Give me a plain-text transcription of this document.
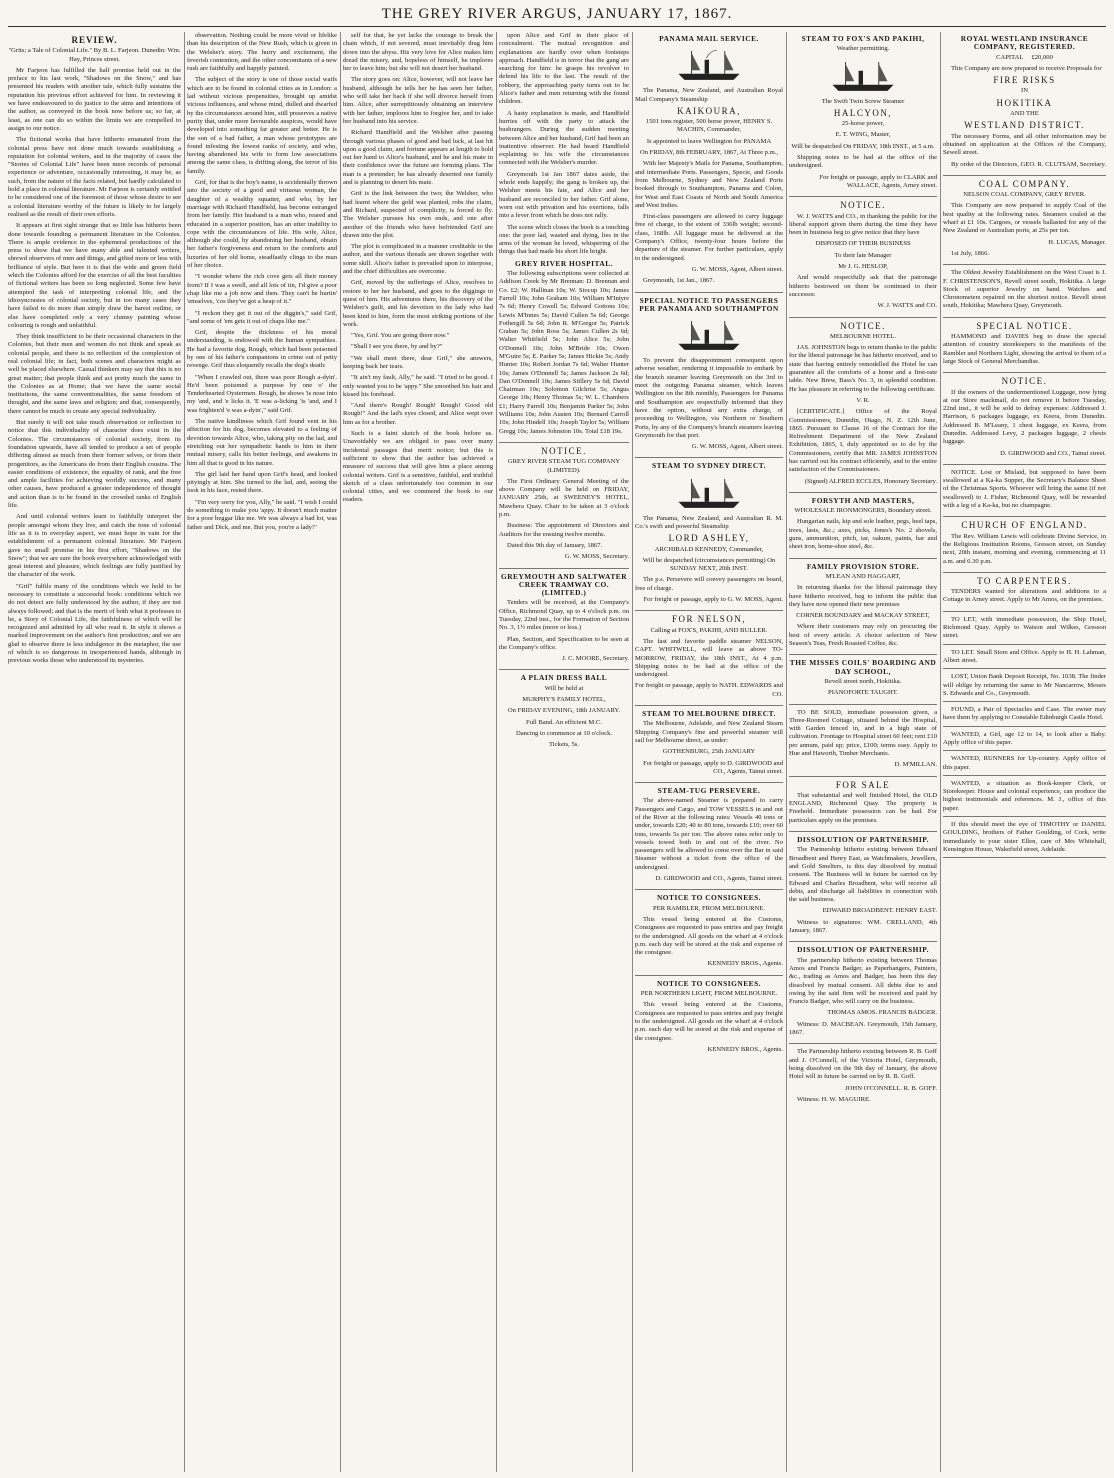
THE GREY RIVER ARGUS, JANUARY 17, 1867.
REVIEW.

"Grits; a Tale of Colonial Life." By B. L. Farjeon. Dunedin: Wm. Hay, Princes street.

Mr Farjeon has fulfilled the half promise held out in the preface to his last work, "Shadows on the Snow," and has presented his readers with another tale, which fully sustains the reputation his previous effort achieved for him. In reviewing it we have endeavoured to do justice to the aims and intentions of the author, as conveyed in the book now before us; so far, at least, as one can do so within the limits we are compelled to assign to our notice.

The fictional works that have hitherto emanated from the colonial press have not done much towards establishing a reputation for colonial writers, and in the majority of cases the "Stories of Colonial Life" have been mere records of personal experience or adventure, occasionally interesting, it may be, as such, from the nature of the facts related, but hardly calculated to hold a place in colonial literature. Mr Farjeon is certainly entitled to be considered one of the foremost of those whose desire to see a colonial literature worthy of the future is likely to be largely realised as the result of their own efforts.

It appears at first sight strange that so little has hitherto been done towards founding a permanent literature in the Colonies. There is ample evidence in the ephemeral productions of the press to show that we have many able and talented writers, shrewd observers of men and things, and gifted more or less with brilliance of style. But here it is that the wide and green field which the Colonies afford for the exercise of all the best faculties of fictional writers has been so long neglected. Some few have attempted the task of interpreting colonial life, and the idiosyncrasies of colonial society, but in too many cases they have failed to do more than simply draw the barest outline, or else have completed only a very clumsy painting whose colouring is rough and unfaithful.

They think insufficient to be their occasional characters in the Colonies, but their men and women do not think and speak as colonial people, and there is no reflection of the complexion of real colonial life; in fact, both scenes and characters might as well be placed elsewhere. Casual thinkers may say that this is no great matter; that people think and act pretty much the same in the Colonies as at Home; that we have the same social institutions, the same conventionalities, the same freedom of thought, and the same laws and religion; and that, consequently, there cannot be much to create any special individuality.

But surely it will not take much observation or reflection to notice that this individuality of character does exist in the Colonies. The circumstances of colonial society, from its foundation upwards, have all tended to produce a set of people differing almost as much from their former selves, or from their progenitors, as the Americans do from their English cousins. The easier conditions of existence, the equality of rank, and the free and ample facilities for achieving worldly success, and many other causes, have produced a greater independence of thought and action than is to be found in the crowded ranks of English life.

And until colonial writers learn to faithfully interpret the people amongst whom they live, and catch the tone of colonial life as it is in everyday aspect, we must hope in vain for the establishment of a permanent colonial literature. Mr Farjeon gave no small promise in his first effort, "Shadows on the Snow"; that we are sure the book everywhere acknowledged with great interest and pleasure, which feelings are fully justified by the character of the work.

"Grif" fulfils many of the conditions which we hold to be necessary to constitute a successful book: conditions which we do not detect are fully understood by the author, if they are not always followed; and that is the merit of both what it professes to be, a Story of Colonial Life, the faithfulness of which will be recognized and admitted by all who read it. In style it shows a marked improvement on the author's first production; and we are glad to observe there is less indulgence in the metaphor, the use of which is so dangerous in inexperienced hands, although in previous works those who understood its mysteries.

observation. Nothing could be more vivid or lifelike than his description of the New Rush, which is given in the Welsher's story. The hurry and excitement, the feverish contention, and the other concomitants of a new rush are faithfully and happily painted.

The subject of the story is one of those social waifs which are to be found in colonial cities as in London: a lad without vicious propensities, brought up amidst vicious influences, and whose mind, dulled and dwarfed by the circumstances around him, still preserves a native purity that, under more favourable auspices, would have developed into something far greater and better. He is the son of a bad father, a man whose prototypes are found infesting the lowest ranks of society, and who, having abandoned his wife to form low associations among the same class, is drifting along, the terror of his family.

Grif, for that is the boy's name, is accidentally thrown into the society of a good and virtuous woman, the daughter of a wealthy squatter, and who, by her marriage with Richard Handfield, has become estranged from her family. Her husband is a man who, reared and educated in a superior position, has an utter inability to cope with the circumstances of life. His wife, Alice, although she could, by abandoning her husband, obtain her father's forgiveness and return to the comforts and luxuries of her old home, steadfastly clings to the man of her choice.

"I wonder where the rich cove gets all their money from? If I was a swell, and all lots of tin, I'd give a poor chap like me a job now and then. They can't be hurtin' 'emselves, 'cos they've got a heap of it."

"I reckon they get it out of the diggin's," said Grif, "and some of 'em gets it out of chaps like me."

Grif, despite the thickness of his moral understanding, is endowed with the human sympathies. He had a favorite dog, Rough, which had been poisoned by one of his father's companions in crime out of petty revenge. Grif thus eloquently recalls the dog's death:

"When I crawled out, there was poor Rough a-dyin'. He'd been poisoned a purpose by one o' the Tenderhearted Oystermen. Rough, he shows 'is nose into my 'and, and 'e licks it. 'E was a-licking 'is 'and, and I was frighten'd 'e was a-dyin'," said Grif.

The native kindliness which Grif found vent in his affection for his dog, becomes elevated to a feeling of devotion towards Alice, who, taking pity on the lad, and stretching out her sympathetic hands to him in their mutual misery, calls his better feelings, and awakens in him all that is good in his nature.

The girl laid her hand upon Grif's head, and looked pityingly at him. She turned to the lad, and, seeing the look in his face, rested there.

"I'm very sorry for you, Ally," he said. "I wish I could do something to make you 'appy. It doesn't much matter for a poor beggar like me. We was always a bad lot, was father and Dick, and me. But you, you're a lady!"

self for that, he yet lacks the courage to break the chain which, if not severed, must inevitably drag him down into the abyss. His very love for Alice makes him dread the misery, and, hopeless of himself, he implores her to leave him; but she will not desert her husband.

The story goes on: Alice, however, will not leave her husband, although he tells her he has seen her father, who will take her back if she will divorce herself from him. Alice, after surreptitiously obtaining an interview with her father, implores him to forgive her, and to take her husband into his service.

Richard Handfield and the Welsher after passing through various phases of good and bad luck, at last hit upon a good claim, and fortune appears at length to hold out her hand to Alice's husband, and he and his mate in their confidence over the future are forming plans. The man is a pretender; he has already deserted one family and is planning to desert his mate.

Grif is the link between the two; the Welsher, who had learnt where the gold was planted, robs the claim, and Richard, suspected of complicity, is forced to fly. The Welsher pursues his own ends, and one after another of the friends who have befriended Grif are drawn into the plot.

The plot is complicated in a manner creditable to the author, and the various threads are drawn together with some skill. Alice's father is prevailed upon to interpose, and the chief difficulties are overcome.

Grif, moved by the sufferings of Alice, resolves to restore to her her husband, and goes to the diggings in quest of him. His adventures there, his discovery of the Welsher's guilt, and his devotion to the lady who had been kind to him, form the most striking portions of the work.

"Yes, Grif. You are going there now."

"Shall I see you there, by and by?"

"We shall meet there, dear Grif," she answers, keeping back her tears.

"It ain't my fault, Ally," he said. "I tried to be good. I only wanted you to be 'appy." She smoothed his hair and kissed his forehead.

"And there's Rough! Rough! Rough! Good old Rough!" And the lad's eyes closed, and Alice wept over him as for a brother.

Such is a faint sketch of the book before us. Unavoidably we are obliged to pass over many incidental passages that merit notice; but this is sufficient to show that the author has achieved a measure of success that will give him a place among colonial writers. Grif is a sensitive, faithful, and truthful sketch of a class unfortunately too common in our colonial cities, and we commend the book to our readers.

upon Alice and Grif in their place of concealment. The mutual recognition and explanations are hardly over when footsteps approach. Handfield is in terror that the gang are searching for him: he grasps his revolver to defend his life to the last. The result of the robbery, the approaching party turns out to be Alice's father and men returning with the found children.

A hasty explanation is made, and Handfield hurries off with the party to attack the bushrangers. During the sudden meeting between Alice and her husband, Grif had been an inattentive observer. He had heard Handfield explaining to his wife the circumstances connected with the Welsher's murder.

Greymouth 1st Jan 1867 dates aside, the whole ends happily; the gang is broken up, the Welsher meets his fate, and Alice and her husband are reconciled to her father. Grif alone, worn out with privation and his exertions, falls into a fever from which he does not rally.

The scene which closes the book is a touching one: the poor lad, wasted and dying, lies in the arms of the woman he loved, whispering of the things that had made his short life bright.

GREY RIVER HOSPITAL.

The following subscriptions were collected at Addison Creek by Mr Brennan: D. Brennan and Co. £2; W. Hallinan 10s; W. Stocup 10s; James Farrell 10s; John Graham 10s; William M'Intyre 7s 6d; Henry Cowell 5s; Edward Gottons 10s; Lewis M'Innes 5s; David Cullen 5s 6d; George Fothergill 5s 6d; John R. M'Gregor 5s; Patrick Crahan 5s; John Ross 5s; James Cullen 2s 6d; Walter Whitfield 5s; John Alice 5s; John O'Donnell 10s; John M'Bride 10s; Owen M'Guire 5s; E. Parker 5s; James Hickie 5s; Andy Hunter 10s; Robert Jordan 7s 6d; Walter Hunter 10s; James O'Donnell 5s; James Jackson 2s 6d; Dan O'Donnell 10s; James Stillery 5s 6d; David Chairman 10s; Solomon Gilchrist 5s; Angus George 10s; Henry Thomas 5s; W. L. Chambers £1; Harry Farrell 10s; Benjamin Parker 5s; John Williams 10s; John Austen 10s; Bernard Carroll 10s; John Hindell 10s; Joseph Taylor 5s; William Gregg 10s; James Johnston 10s. Total £18 19s.

NOTICE.

GREY RIVER STEAM TUG COMPANY (LIMITED).

The First Ordinary General Meeting of the above Company will be held on FRIDAY, JANUARY 25th, at SWEENEY'S HOTEL, Mawhera Quay. Chair to be taken at 3 o'clock p.m.

Business: The appointment of Directors and Auditors for the ensuing twelve months.

Dated this 9th day of January, 1867.

G. W. MOSS, Secretary.

GREYMOUTH AND SALTWATER CREEK TRAMWAY CO. (LIMITED.)

Tenders will be received, at the Company's Office, Richmond Quay, up to 4 o'clock p.m. on Tuesday, 22nd inst., for the Formation of Section No. 3, 1½ miles (more or less.)

Plan, Section, and Specification to be seen at the Company's office.

J. C. MOORE, Secretary.

A PLAIN DRESS BALL

Will be held at

MURPHY'S FAMILY HOTEL,

On FRIDAY EVENING, 18th JANUARY.

Full Band. An efficient M.C.

Dancing to commence at 10 o'clock.

Tickets, 5s.

PANAMA MAIL SERVICE.

The Panama, New Zealand, and Australian Royal Mail Company's Steamship

KAIKOURA,

1501 tons register, 500 horse power, HENRY S. MACHIN, Commander,

Is appointed to leave Wellington for PANAMA

On FRIDAY, 8th FEBRUARY, 1867, At Three p.m.,

With her Majesty's Mails for Panama, Southampton, and intermediate Ports. Passengers, Specie, and Goods from Melbourne, Sydney and New Zealand Ports booked through to Southampton, Panama and Colon, for West and East Coasts of North and South America and West Indies.

First-class passengers are allowed to carry luggage free of charge, to the extent of 336lb weight; second-class, 168lb. All luggage must be delivered at the Company's Office, twenty-four hours before the departure of the steamer. For further particulars, apply to the undersigned.

G. W. MOSS, Agent, Albert street.

Greymouth, 1st Jan., 1867.

SPECIAL NOTICE TO PASSENGERS PER PANAMA AND SOUTHAMPTON

To prevent the disappointment consequent upon adverse weather, rendering it impossible to embark by the branch steamer leaving Greymouth on the 3rd to meet the outgoing Panama steamer, which leaves Wellington on the 8th monthly, Passengers for Panama and Southampton are respectfully informed that they have the option, without any extra charge, of proceeding to Wellington, via Northern or Southern Ports, by any of the Company's branch steamers leaving Greymouth for that port.

G. W. MOSS, Agent, Albert street.

STEAM TO SYDNEY DIRECT.

The Panama, New Zealand, and Australian R. M. Co.'s swift and powerful Steamship

LORD ASHLEY,

ARCHIBALD KENNEDY, Commander,

Will be despatched (circumstances permitting) On SUNDAY NEXT, 20th INST.

The p.s. Persevere will convey passengers on board, free of charge.

For freight or passage, apply to G. W. MOSS, Agent.

FOR NELSON,

Calling at FOX'S, PAKIHI, AND BULLER.

The fast and favorite paddle steamer NELSON, CAPT. WHITWELL, will leave as above TO-MORROW, FRIDAY, the 18th INST., At 4 p.m. Shipping notes to be had at the office of the undersigned.

For freight or passage, apply to NATH. EDWARDS and CO.

STEAM TO MELBOURNE DIRECT.

The Melbourne, Adelaide, and New Zealand Steam Shipping Company's fine and powerful steamer will sail for Melbourne direct, as under:

GOTHENBURG, 25th JANUARY

For freight or passage, apply to D. GIRDWOOD and CO., Agents, Tainui street.

STEAM-TUG PERSEVERE.

The above-named Steamer is prepared to carry Passengers and Cargo, and TOW VESSELS in and out of the River at the following rates: Vessels 40 tons or under, towards £20; 40 to 80 tons, towards £10; over 60 tons, towards 5s per ton. The above rates refer only to vessels towed both in and out of the river. No passengers will be allowed to come over the Bar in said Steamer without a ticket from the office of the undersigned.

D. GIRDWOOD and CO., Agents, Tainui street.

NOTICE TO CONSIGNEES.

PER RAMBLER, FROM MELBOURNE.

This vessel being entered at the Customs, Consignees are requested to pass entries and pay freight to the undersigned. All goods on the wharf at 4 o'clock p.m. each day will be stored at the risk and expense of the consignee.

KENNEDY BROS., Agents.

NOTICE TO CONSIGNEES.

PER NORTHERN LIGHT, FROM MELBOURNE.

This vessel being entered at the Customs, Consignees are requested to pass entries and pay freight to the undersigned. All goods on the wharf at 4 o'clock p.m. each day will be stored at the risk and expense of the consignee.

KENNEDY BROS., Agents.

STEAM TO FOX'S AND PAKIHI,

Weather permitting.

The Swift Twin Screw Steamer

HALCYON,

25-horse power,

E. T. WING, Master,

Will be despatched On FRIDAY, 18th INST., at 5 a.m.

Shipping notes to be had at the office of the undersigned.

For freight or passage, apply to CLARK and WALLACE, Agents, Arney street.

NOTICE.

W. J. WATTS and CO., in thanking the public for the liberal support given them during the time they have been in business beg to give notice that they have

DISPOSED OF THEIR BUSINESS

To their late Manager

Mr J. G. HESLOP,

And would respectfully ask that the patronage hitherto bestowed on them be continued to their successor.

W. J. WATTS and CO.

NOTICE.

MELBOURNE HOTEL.

JAS. JOHNSTON begs to return thanks to the public for the liberal patronage he has hitherto received, and to state that having entirely remodelled the Hotel he can guarantee all the comforts of a home and a first-rate table. New Brew, Bass's No. 3, in splendid condition. He has pleasure in referring to the following certificate.

V. R.

[CERTIFICATE.] Office of the Royal Commissioners, Dunedin, Otago, N. Z. 12th June, 1865. Pursuant to Clause 16 of the Contract for the Refreshment Department of the New Zealand Exhibition, 1865, I, duly appointed so to do by the Commissioners, certify that MR. JAMES JOHNSTON has carried out his contract efficiently, and to the entire satisfaction of the Commissioners.

(Signed) ALFRED ECCLES, Honorary Secretary.

FORSYTH AND MASTERS,

WHOLESALE IRONMONGERS, Boundary street.

Hungarian nails, kip and sole leather, pegs, heel taps, trees, lasts, &c.; axes, picks, Jones's No. 2 shovels, guns, ammunition, pitch, tar, oakum, paints, bar and sheet iron, home-shoe steel, &c.

FAMILY PROVISION STORE.

M'LEAN AND HAGGART,

In returning thanks for the liberal patronage they have hitherto received, beg to inform the public that they have now opened their new premises

CORNER BOUNDARY and MACKAY STREET,

Where their customers may rely on procuring the best of every article. A choice selection of New Season's Teas, Fresh Roasted Coffee, &c.

THE MISSES COILS' BOARDING AND DAY SCHOOL,

Revell street north, Hokitika.

PIANOFORTE TAUGHT.

TO BE SOLD, immediate possession given, a Three-Roomed Cottage, situated behind the Hospital, with Garden fenced in, and in a high state of cultivation. Frontage to Hospital street 60 feet; rent £10 per annum, paid up; price, £100; terms easy. Apply to Hue and Haworth, Timber Merchants.

D. M'MILLAN.

FOR SALE

That substantial and well finished Hotel, the OLD ENGLAND, Richmond Quay. The property is Freehold. Immediate possession can be had. For particulars apply on the premises.

DISSOLUTION OF PARTNERSHIP.

The Partnership hitherto existing between Edward Broadbent and Henry East, as Watchmakers, Jewellers, and Gold Smelters, is this day dissolved by mutual consent. The Business will in future be carried on by Edward and Charles Broadbent, who will receive all debts, and discharge all liabilities in connection with the said business.

EDWARD BROADBENT. HENRY EAST.

Witness to signatures: WM. CRELLAND, 4th January, 1867.

DISSOLUTION OF PARTNERSHIP.

The partnership hitherto existing between Thomas Amos and Francis Badger, as Paperhangers, Painters, &c., trading as Amos and Badger, has been this day dissolved by mutual consent. All debts due to and owing by the said firm will be received and paid by Francis Badger, who will carry on the business.

THOMAS AMOS. FRANCIS BADGER.

Witness: D. MACBEAN. Greymouth, 15th January, 1867.

The Partnership hitherto existing between R. B. Goff and J. O'Connell, of the Victoria Hotel, Greymouth, being dissolved on the 9th day of January, the above Hotel will in future be carried on by R. B. Goff.

JOHN O'CONNELL. R. B. GOFF.

Witness: H. W. MAGUIRE.

ROYAL WESTLAND INSURANCE COMPANY, REGISTERED.

CAPITAL £20,000

This Company are now prepared to receive Proposals for

FIRE RISKS

IN

HOKITIKA

AND THE

WESTLAND DISTRICT.

The necessary Forms, and all other information may be obtained on application at the Offices of the Company, Sewell street.

By order of the Directors, GEO. R. CLUTSAM, Secretary.

COAL COMPANY.

NELSON COAL COMPANY, GREY RIVER.

This Company are now prepared to supply Coal of the best quality at the following rates. Steamers coaled at the wharf at £1 10s. Cargoes, or vessels ballasted for any of the New Zealand or Australian ports, at 25s per ton.

H. LUCAS, Manager.

1st July, 1866.

The Oldest Jewelry Establishment on the West Coast is J. F. CHRISTENSON'S, Revell street south, Hokitika. A large Stock of superior Jewelry on hand. Watches and Chronometers repaired on the shortest notice. Revell street south, Hokitika; Mawhera Quay, Greymouth.

SPECIAL NOTICE.

HAMMOND and DAVIES beg to draw the special attention of country storekeepers to the manifests of the Rambler and Northern Light, showing the arrival to them of a large Stock of General Merchandise.

NOTICE.

If the owners of the undermentioned Luggage, now lying at our Store mackmail, do not remove it before Tuesday, 22nd inst., it will be sold to defray expenses: Addressed J. Harrison, 6 packages luggage, ex Keera, from Dunedin. Addressed B. M'Leany, 1 chest luggage, ex Keera, from Dunedin. Addressed Levy, 2 packages luggage, 2 chests luggage.

D. GIRDWOOD and CO., Tainui street.

NOTICE. Lost or Mislaid, but supposed to have been swallowed at a Ka-ka Supper, the Secretary's Balance Sheet of the Christmas Sports. Whoever will bring the same (if not swallowed) to J. Fisher, Richmond Quay, will be rewarded with a leg of a Ka-ka, but no champagne.

CHURCH OF ENGLAND.

The Rev. William Lewis will celebrate Divine Service, in the Religious Institution Rooms, Gresson street, on Sunday next, 20th instant, morning and evening, commencing at 11 a.m. and 6.30 p.m.

TO CARPENTERS.

TENDERS wanted for alterations and additions to a Cottage in Arney street. Apply to Mr Amos, on the premises.

TO LET, with immediate possession, the Ship Hotel, Richmond Quay. Apply to Watson and Wilkes, Gresson street.

TO LET. Small Store and Office. Apply to H. H. Lahman, Albert street.

LOST, Union Bank Deposit Receipt, No. 1038. The finder will oblige by returning the same to Mr Nancarrow, Messrs S. Edwards and Co., Greymouth.

FOUND, a Pair of Spectacles and Case. The owner may have them by applying to Constable Edinburgh Castle Hotel.

WANTED, a Girl, age 12 to 14, to look after a Baby. Apply office of this paper.

WANTED, RUNNERS for Up-country. Apply office of this paper.

WANTED, a situation as Book-keeper Clerk, or Storekeeper. House and colonial experience, can produce the highest testimonials and references. M. J., office of this paper.

If this should meet the eye of TIMOTHY or DANIEL GOULDING, brothers of Father Goulding, of Cork, write immediately to your sister Ellen, care of Mrs Whitehall, Kensington House, Wakefield street, Adelaide.
